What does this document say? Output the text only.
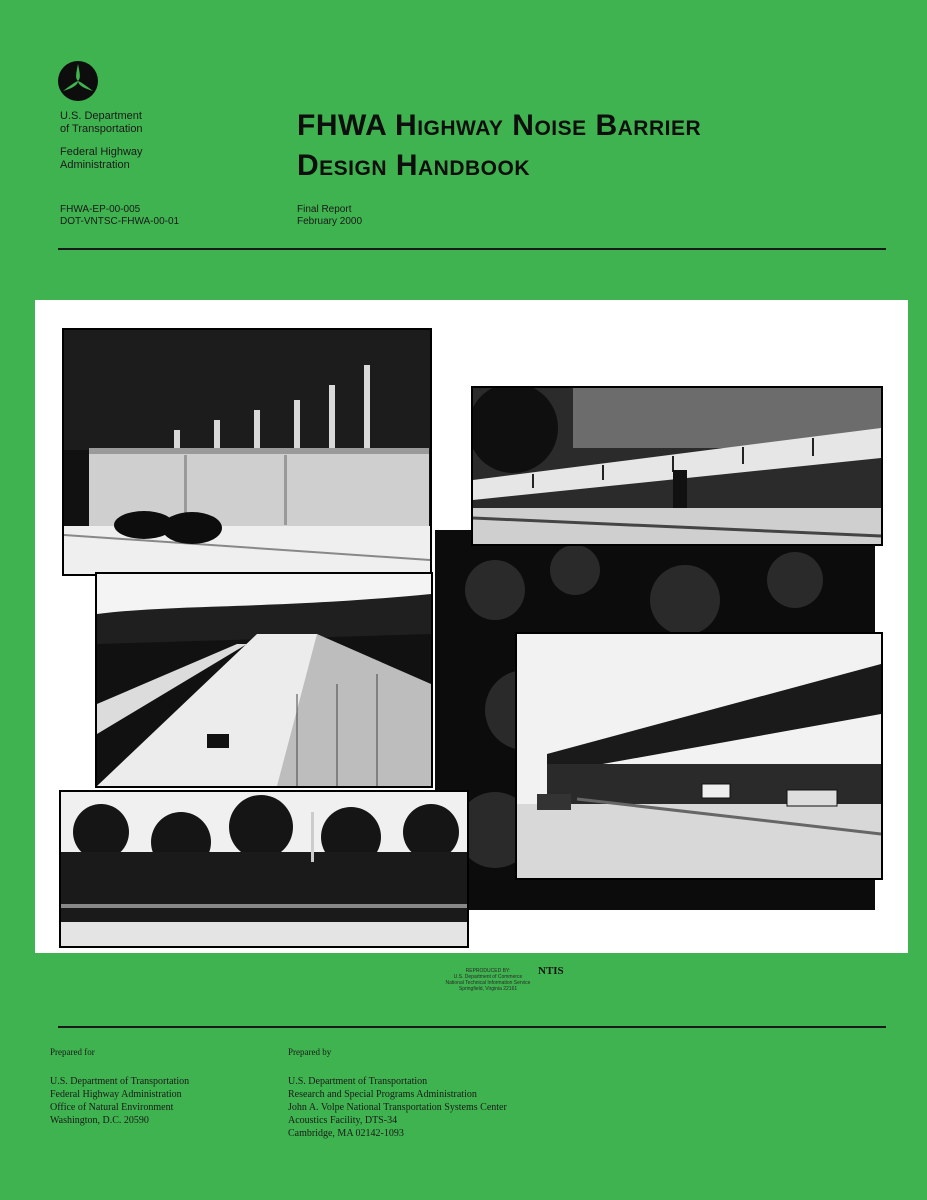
U.S. Department
of Transportation
Federal Highway
Administration
FHWA-EP-00-005
DOT-VNTSC-FHWA-00-01
FHWA Highway Noise Barrier
Design Handbook
Final Report
February 2000
REPRODUCED BY:
U.S. Department of Commerce
National Technical Information Service
Springfield, Virginia 22161
NTIS
Prepared for
U.S. Department of Transportation
Federal Highway Administration
Office of Natural Environment
Washington, D.C. 20590
Prepared by
U.S. Department of Transportation
Research and Special Programs Administration
John A. Volpe National Transportation Systems Center
Acoustics Facility, DTS-34
Cambridge, MA 02142-1093
